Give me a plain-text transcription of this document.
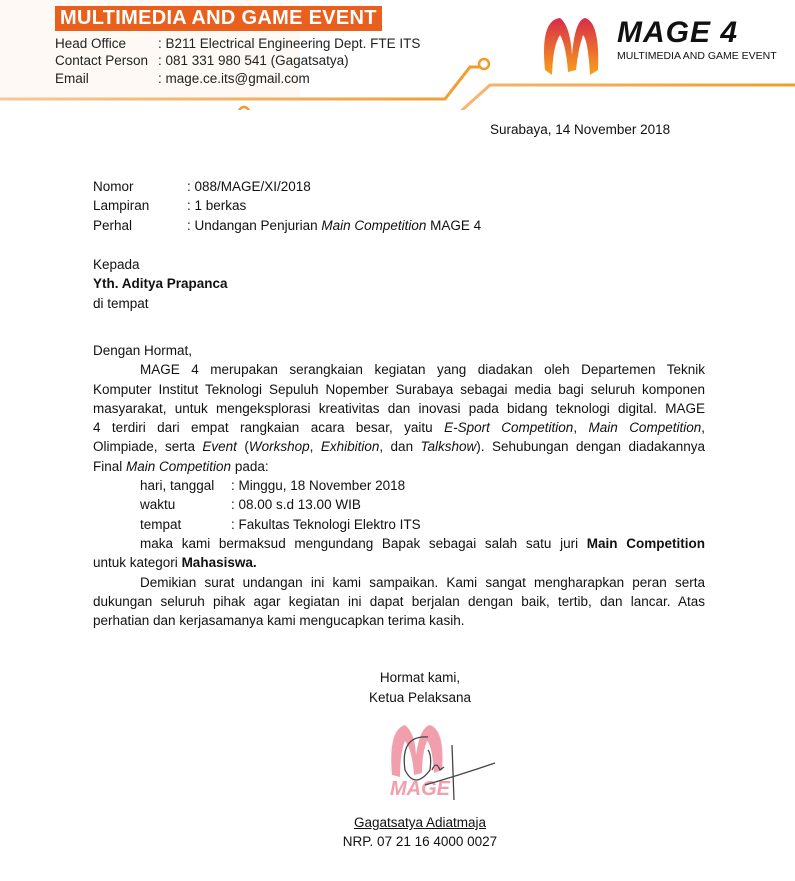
MULTIMEDIA AND GAME EVENT
Head Office : B211 Electrical Engineering Dept. FTE ITS
Contact Person : 081 331 980 541 (Gagatsatya)
Email	: mage.ce.its@gmail.com
MAGE 4
MULTIMEDIA AND GAME EVENT
Surabaya, 14 November 2018
Nomor	: 088/MAGE/XI/2018
Lampiran	: 1 berkas
Perhal	: Undangan Penjurian Main Competition MAGE 4
Kepada
Yth. Aditya Prapanca
di tempat
Dengan Hormat,
MAGE 4 merupakan serangkaian kegiatan yang diadakan oleh Departemen Teknik
Komputer Institut Teknologi Sepuluh Nopember Surabaya sebagai media bagi seluruh komponen
masyarakat, untuk mengeksplorasi kreativitas dan inovasi pada bidang teknologi digital. MAGE
4 terdiri dari empat rangkaian acara besar, yaitu E-Sport Competition, Main Competition,
Olimpiade, serta Event (Workshop, Exhibition, dan Talkshow). Sehubungan dengan diadakannya
Final Main Competition pada:
hari, tanggal : Minggu, 18 November 2018
waktu	: 08.00 s.d 13.00 WIB
tempat	: Fakultas Teknologi Elektro ITS
maka kami bermaksud mengundang Bapak sebagai salah satu juri Main Competition
untuk kategori Mahasiswa.
Demikian surat undangan ini kami sampaikan. Kami sangat mengharapkan peran serta
dukungan seluruh pihak agar kegiatan ini dapat berjalan dengan baik, tertib, dan lancar. Atas
perhatian dan kerjasamanya kami mengucapkan terima kasih.
Hormat kami,
Ketua Pelaksana
MAGE
Gagatsatya Adiatmaja
NRP. 07 21 16 4000 0027
